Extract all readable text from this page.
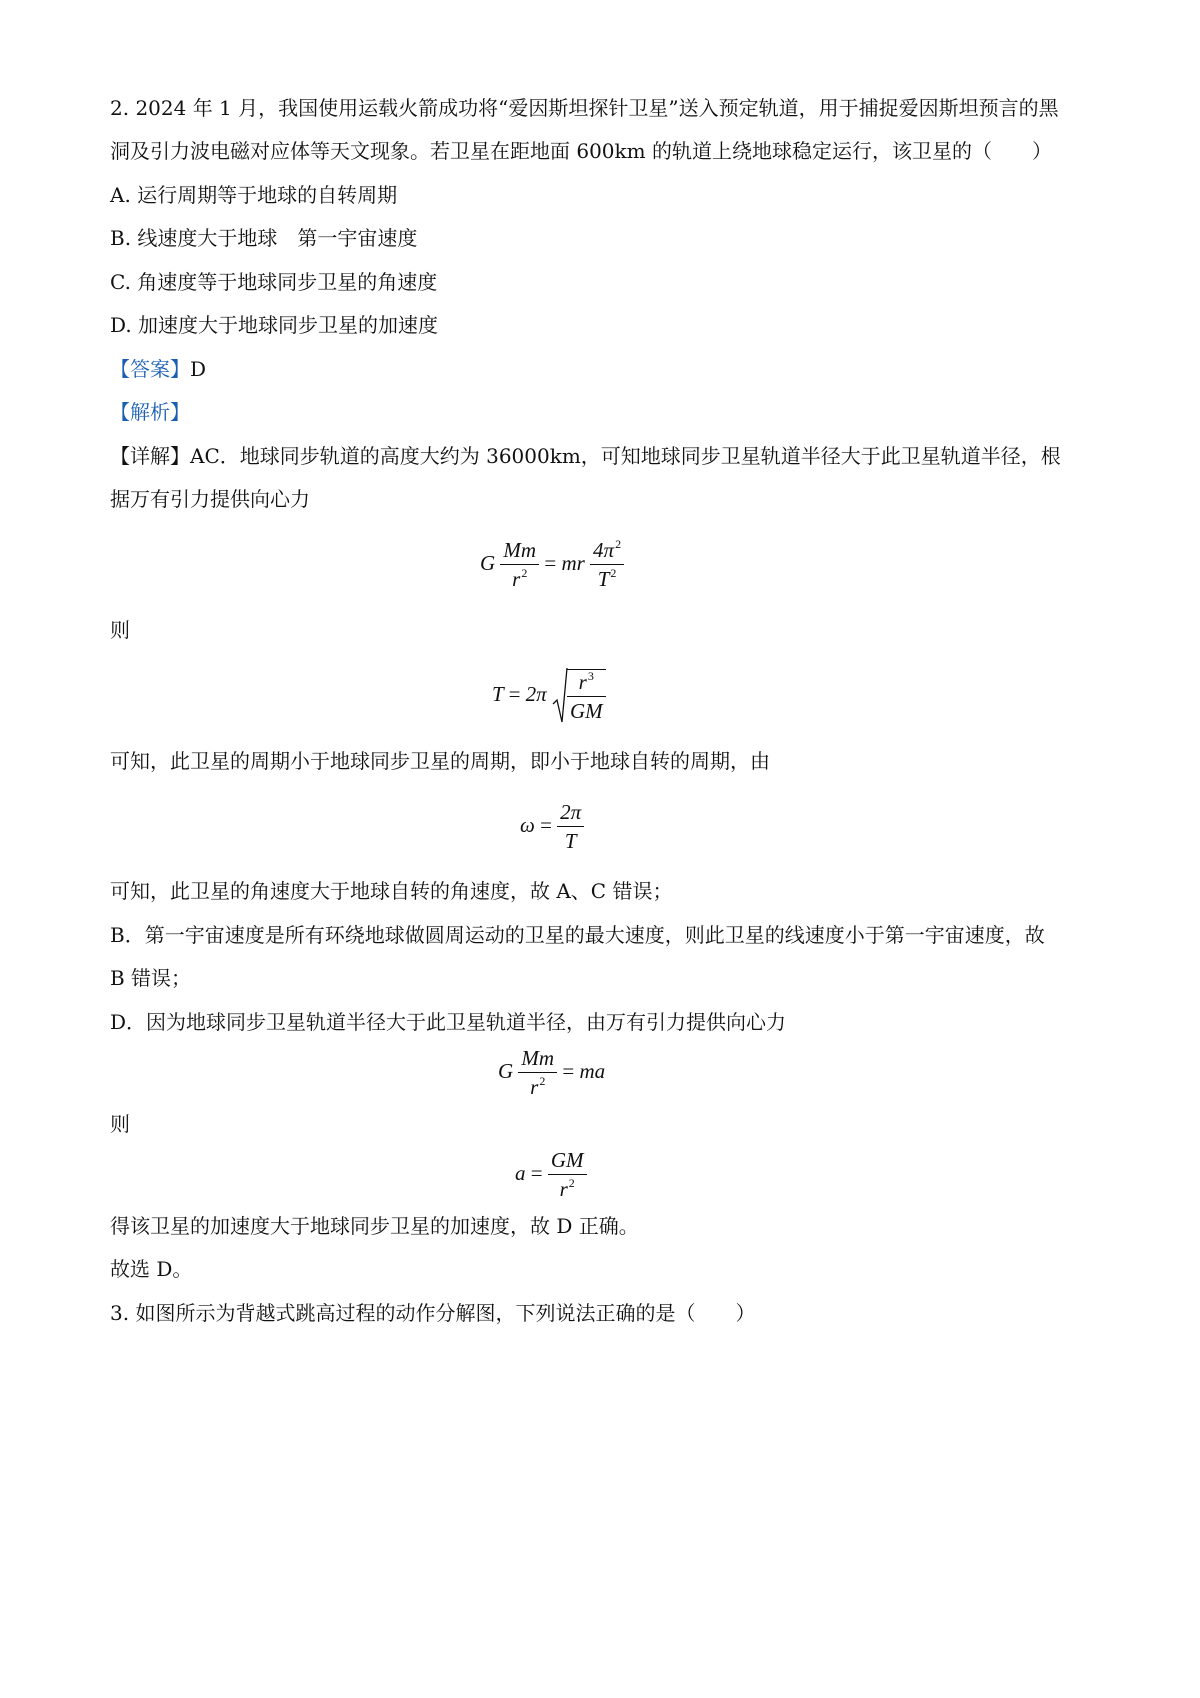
2. 2024 年 1 月，我国使用运载火箭成功将“爱因斯坦探针卫星”送入预定轨道，用于捕捉爱因斯坦预言的黑
洞及引力波电磁对应体等天文现象。若卫星在距地面 600km 的轨道上绕地球稳定运行，该卫星的（　　）
A. 运行周期等于地球的自转周期
B. 线速度大于地球　第一宇宙速度
C. 角速度等于地球同步卫星的角速度
D. 加速度大于地球同步卫星的加速度
【答案】D
【解析】
【详解】AC．地球同步轨道的高度大约为 36000km，可知地球同步卫星轨道半径大于此卫星轨道半径，根
据万有引力提供向心力
G $\frac{Mm}{r^2}$ = mr $\frac{4\pi^2}{T^2}$
则
$T = 2\pi \frac{r^3}{GM}$
可知，此卫星的周期小于地球同步卫星的周期，即小于地球自转的周期，由
$\omega = \frac{2\pi}{T}$
可知，此卫星的角速度大于地球自转的角速度，故 A、C 错误；
B．第一宇宙速度是所有环绕地球做圆周运动的卫星的最大速度，则此卫星的线速度小于第一宇宙速度，故
B 错误；
D．因为地球同步卫星轨道半径大于此卫星轨道半径，由万有引力提供向心力
G $\frac{Mm}{r^2}$ = ma
则
$a = \frac{GM}{r^2}$
得该卫星的加速度大于地球同步卫星的加速度，故 D 正确。
故选 D。
3. 如图所示为背越式跳高过程的动作分解图，下列说法正确的是（　　）
